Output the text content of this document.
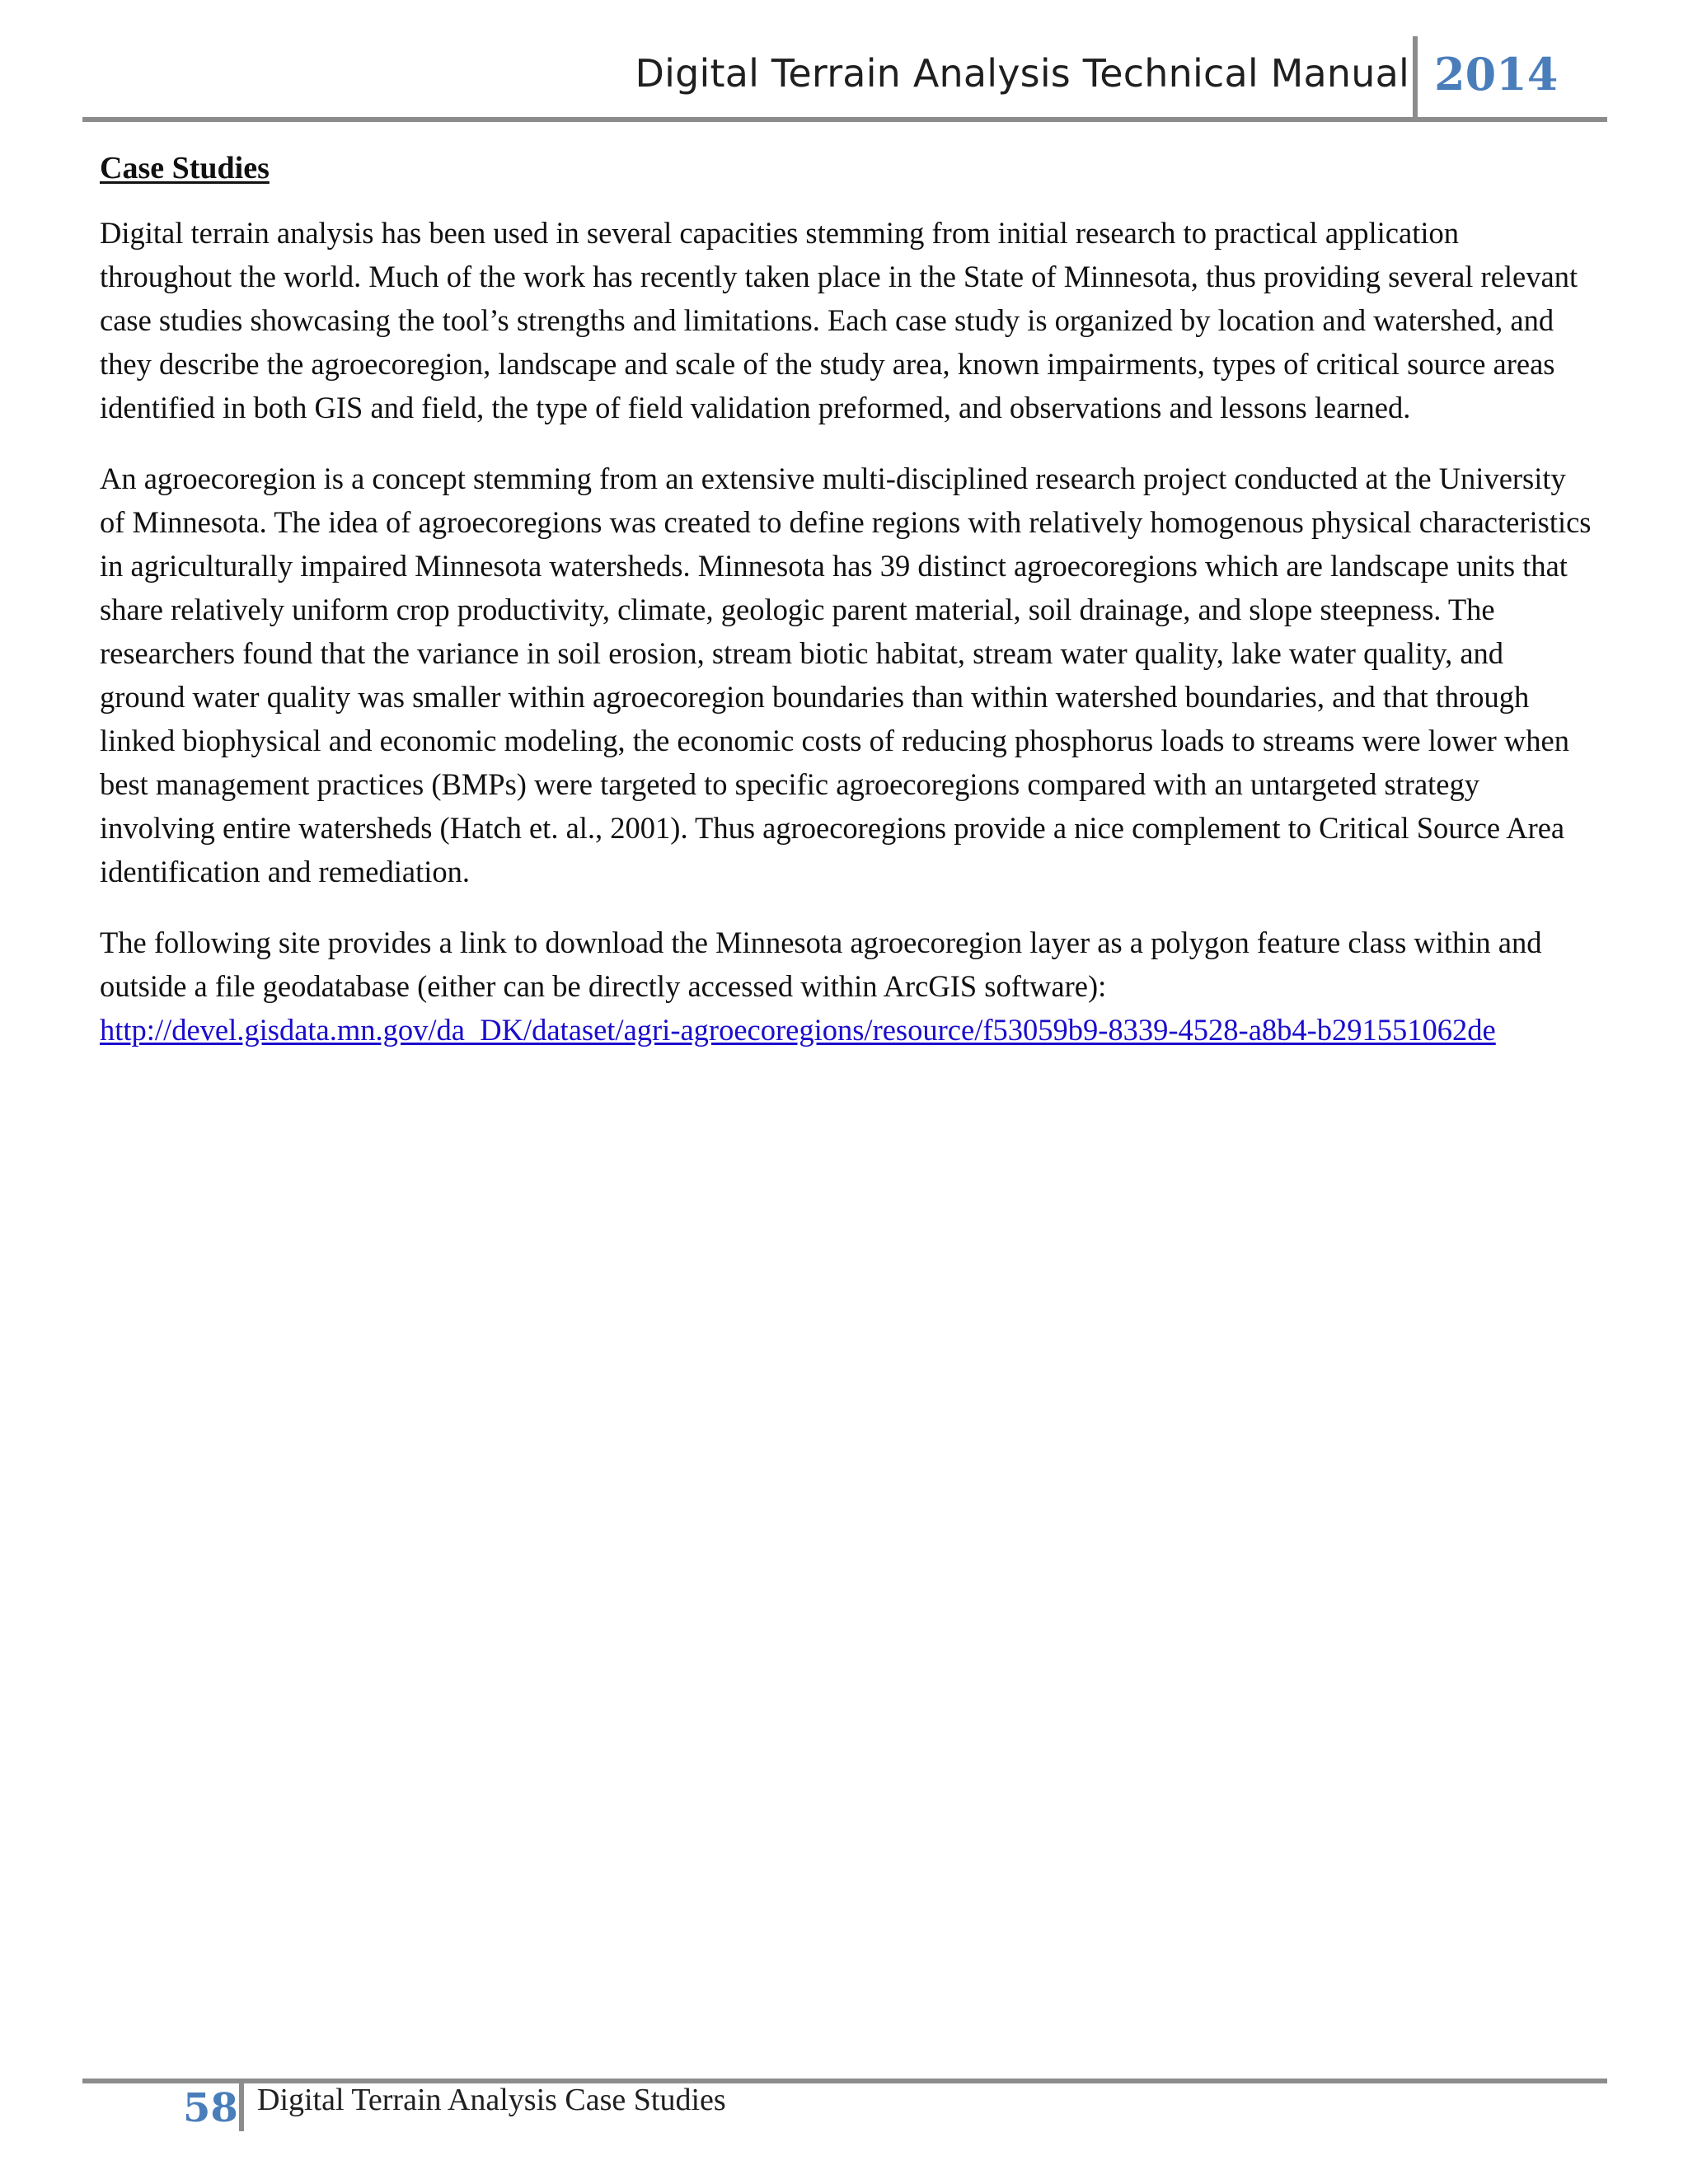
Digital Terrain Analysis Technical Manual 2014
Case Studies

Digital terrain analysis has been used in several capacities stemming from initial research to practical application throughout the world. Much of the work has recently taken place in the State of Minnesota, thus providing several relevant case studies showcasing the tool’s strengths and limitations. Each case study is organized by location and watershed, and they describe the agroecoregion, landscape and scale of the study area, known impairments, types of critical source areas identified in both GIS and field, the type of field validation preformed, and observations and lessons learned.

An agroecoregion is a concept stemming from an extensive multi-disciplined research project conducted at the University of Minnesota. The idea of agroecoregions was created to define regions with relatively homogenous physical characteristics in agriculturally impaired Minnesota watersheds. Minnesota has 39 distinct agroecoregions which are landscape units that share relatively uniform crop productivity, climate, geologic parent material, soil drainage, and slope steepness. The researchers found that the variance in soil erosion, stream biotic habitat, stream water quality, lake water quality, and ground water quality was smaller within agroecoregion boundaries than within watershed boundaries, and that through linked biophysical and economic modeling, the economic costs of reducing phosphorus loads to streams were lower when best management practices (BMPs) were targeted to specific agroecoregions compared with an untargeted strategy involving entire watersheds (Hatch et. al., 2001). Thus agroecoregions provide a nice complement to Critical Source Area identification and remediation.

The following site provides a link to download the Minnesota agroecoregion layer as a polygon feature class within and outside a file geodatabase (either can be directly accessed within ArcGIS software):
http://devel.gisdata.mn.gov/da_DK/dataset/agri-agroecoregions/resource/f53059b9-8339-4528-a8b4-b291551062de

58 Digital Terrain Analysis Case Studies
